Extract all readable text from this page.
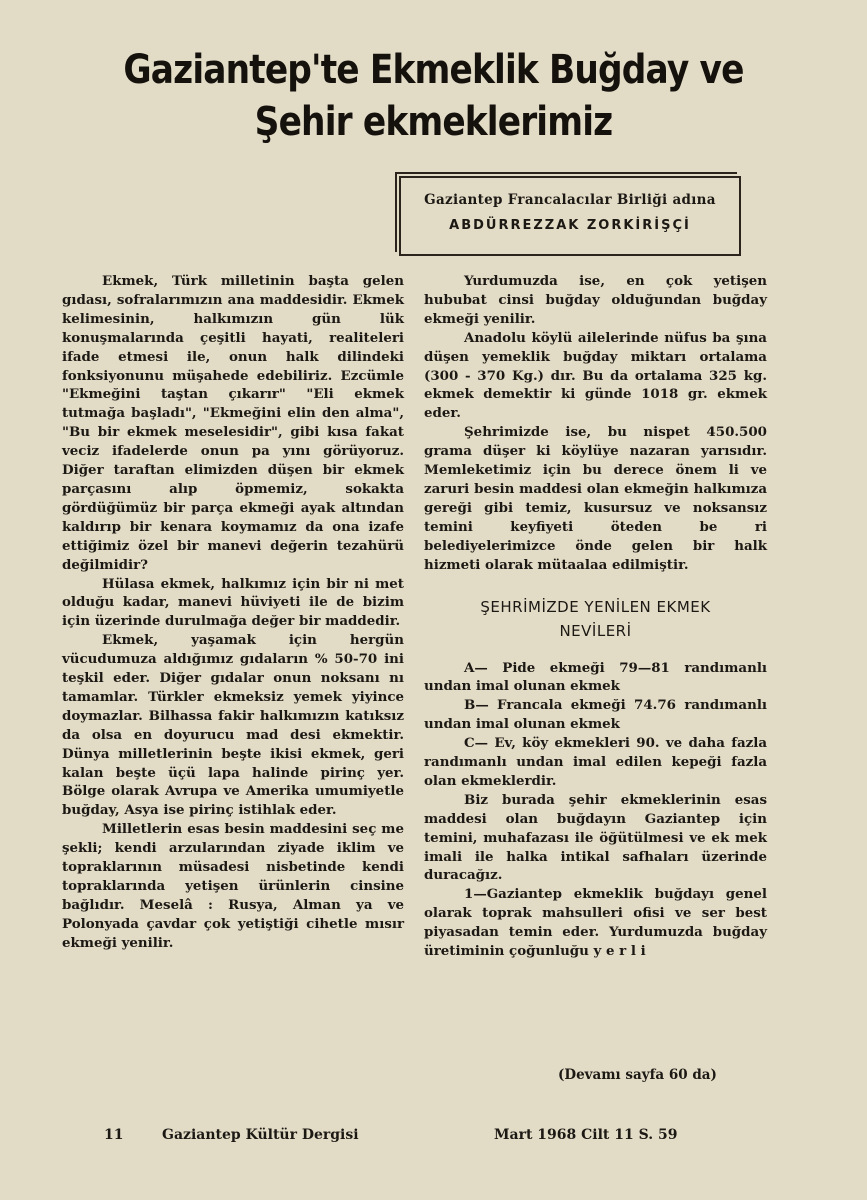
Gaziantep'te Ekmeklik Buğday ve
Şehir ekmeklerimiz
Gaziantep Francalacılar Birliği adına
ABDÜRREZZAK ZORKİRİŞÇİ

Ekmek, Türk milletinin başta gelen gıdası, sofralarımızın ana maddesidir. Ekmek kelimesinin, halkımızın gün lük konuşmalarında çeşitli hayati, realiteleri ifade etmesi ile, onun halk dilindeki fonksiyonunu müşahede edebiliriz. Ezcümle "Ekmeğini taştan çıkarır" "Eli ekmek tutmağa başladı", "Ekmeğini elin den alma", "Bu bir ekmek meselesidir", gibi kısa fakat veciz ifadelerde onun pa yını görüyoruz. Diğer taraftan elimizden düşen bir ekmek parçasını alıp öpmemiz, sokakta gördüğümüz bir parça ekmeği ayak altından kaldırıp bir kenara koymamız da ona izafe ettiğimiz özel bir manevi değerin tezahürü değilmidir?

Hülasa ekmek, halkımız için bir ni met olduğu kadar, manevi hüviyeti ile de bizim için üzerinde durulmağa değer bir maddedir.

Ekmek, yaşamak için hergün vücudumuza aldığımız gıdaların % 50-70 ini teşkil eder. Diğer gıdalar onun noksanı nı tamamlar. Türkler ekmeksiz yemek yiyince doymazlar. Bilhassa fakir halkımızın katıksız da olsa en doyurucu mad desi ekmektir. Dünya milletlerinin beşte ikisi ekmek, geri kalan beşte üçü lapa halinde pirinç yer. Bölge olarak Avrupa ve Amerika umumiyetle buğday, Asya ise pirinç istihlak eder.

Milletlerin esas besin maddesini seç me şekli; kendi arzularından ziyade iklim ve topraklarının müsadesi nisbetinde kendi topraklarında yetişen ürünlerin cinsine bağlıdır. Meselâ : Rusya, Alman ya ve Polonyada çavdar çok yetiştiği cihetle mısır ekmeği yenilir.

Yurdumuzda ise, en çok yetişen hububat cinsi buğday olduğundan buğday ekmeği yenilir.

Anadolu köylü ailelerinde nüfus ba şına düşen yemeklik buğday miktarı ortalama (300 - 370 Kg.) dır. Bu da ortalama 325 kg. ekmek demektir ki günde 1018 gr. ekmek eder.

Şehrimizde ise, bu nispet 450.500 grama düşer ki köylüye nazaran yarısıdır. Memleketimiz için bu derece önem li ve zaruri besin maddesi olan ekmeğin halkımıza gereği gibi temiz, kusursuz ve noksansız temini keyfiyeti öteden be ri belediyelerimizce önde gelen bir halk hizmeti olarak mütaalaa edilmiştir.

ŞEHRİMİZDE YENİLEN EKMEK
NEVİLERİ

A— Pide ekmeği 79—81 randımanlı undan imal olunan ekmek

B— Francala ekmeği 74.76 randımanlı undan imal olunan ekmek

C— Ev, köy ekmekleri 90. ve daha fazla randımanlı undan imal edilen kepeği fazla olan ekmeklerdir.

Biz burada şehir ekmeklerinin esas maddesi olan buğdayın Gaziantep için temini, muhafazası ile öğütülmesi ve ek mek imali ile halka intikal safhaları üzerinde duracağız.

1—Gaziantep ekmeklik buğdayı genel olarak toprak mahsulleri ofisi ve ser best piyasadan temin eder. Yurdumuzda buğday üretiminin çoğunluğu y e r l i

(Devamı sayfa 60 da)
11	Gaziantep Kültür Dergisi	Mart 1968 Cilt 11 S. 59
